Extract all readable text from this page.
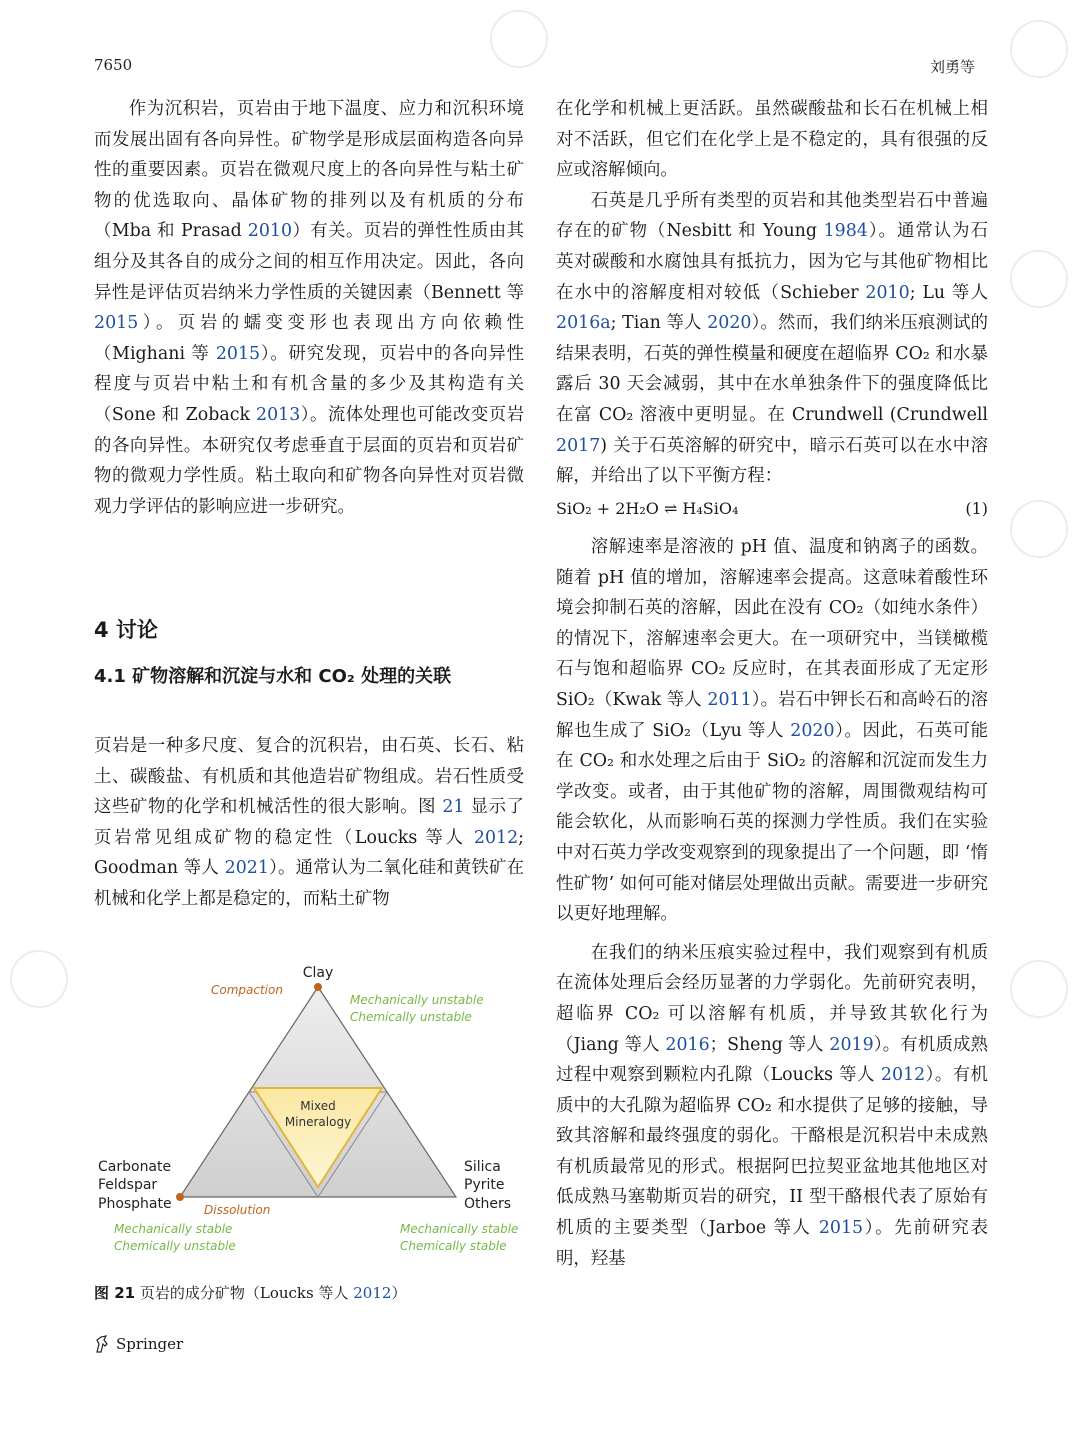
7650	刘勇等

作为沉积岩，页岩由于地下温度、应力和沉积环境而发展出固有各向异性。矿物学是形成层面构造各向异性的重要因素。页岩在微观尺度上的各向异性与粘土矿物的优选取向、晶体矿物的排列以及有机质的分布（Mba 和 Prasad 2010）有关。页岩的弹性性质由其组分及其各自的成分之间的相互作用决定。因此，各向异性是评估页岩纳米力学性质的关键因素（Bennett 等 2015）。页岩的蠕变变形也表现出方向依赖性（Mighani 等 2015）。研究发现，页岩中的各向异性程度与页岩中粘土和有机含量的多少及其构造有关（Sone 和 Zoback 2013）。流体处理也可能改变页岩的各向异性。本研究仅考虑垂直于层面的页岩和页岩矿物的微观力学性质。粘土取向和矿物各向异性对页岩微观力学评估的影响应进一步研究。

4 讨论
4.1 矿物溶解和沉淀与水和 CO₂ 处理的关联

页岩是一种多尺度、复合的沉积岩，由石英、长石、粘土、碳酸盐、有机质和其他造岩矿物组成。岩石性质受这些矿物的化学和机械活性的很大影响。图 21 显示了页岩常见组成矿物的稳定性（Loucks 等人 2012; Goodman 等人 2021）。通常认为二氧化硅和黄铁矿在机械和化学上都是稳定的，而粘土矿物

Clay
Compaction
Mechanically unstable
Chemically unstable
Mixed
Mineralogy
Carbonate
Feldspar
Phosphate	Dissolution
Silica
Pyrite
Others
Mechanically stable
Chemically unstable
Mechanically stable
Chemically stable
图 21 页岩的成分矿物（Loucks 等人 2012）
Springer

在化学和机械上更活跃。虽然碳酸盐和长石在机械上相对不活跃，但它们在化学上是不稳定的，具有很强的反应或溶解倾向。

石英是几乎所有类型的页岩和其他类型岩石中普遍存在的矿物（Nesbitt 和 Young 1984）。通常认为石英对碳酸和水腐蚀具有抵抗力，因为它与其他矿物相比在水中的溶解度相对较低（Schieber 2010; Lu 等人 2016a; Tian 等人 2020）。然而，我们纳米压痕测试的结果表明，石英的弹性模量和硬度在超临界 CO₂ 和水暴露后 30 天会减弱，其中在水单独条件下的强度降低比在富 CO₂ 溶液中更明显。在 Crundwell (Crundwell 2017) 关于石英溶解的研究中，暗示石英可以在水中溶解，并给出了以下平衡方程：

SiO₂ + 2H₂O ⇌ H₄SiO₄	(1)

溶解速率是溶液的 pH 值、温度和钠离子的函数。随着 pH 值的增加，溶解速率会提高。这意味着酸性环境会抑制石英的溶解，因此在没有 CO₂（如纯水条件）的情况下，溶解速率会更大。在一项研究中，当镁橄榄石与饱和超临界 CO₂ 反应时，在其表面形成了无定形 SiO₂（Kwak 等人 2011）。岩石中钾长石和高岭石的溶解也生成了 SiO₂（Lyu 等人 2020）。因此，石英可能在 CO₂ 和水处理之后由于 SiO₂ 的溶解和沉淀而发生力学改变。或者，由于其他矿物的溶解，周围微观结构可能会软化，从而影响石英的探测力学性质。我们在实验中对石英力学改变观察到的现象提出了一个问题，即 ‘惰性矿物’ 如何可能对储层处理做出贡献。需要进一步研究以更好地理解。

在我们的纳米压痕实验过程中，我们观察到有机质在流体处理后会经历显著的力学弱化。先前研究表明，超临界 CO₂ 可以溶解有机质，并导致其软化行为（Jiang 等人 2016；Sheng 等人 2019）。有机质成熟过程中观察到颗粒内孔隙（Loucks 等人 2012）。有机质中的大孔隙为超临界 CO₂ 和水提供了足够的接触，导致其溶解和最终强度的弱化。干酪根是沉积岩中未成熟有机质最常见的形式。根据阿巴拉契亚盆地其他地区对低成熟马塞勒斯页岩的研究，II 型干酪根代表了原始有机质的主要类型（Jarboe 等人 2015）。先前研究表明，羟基
